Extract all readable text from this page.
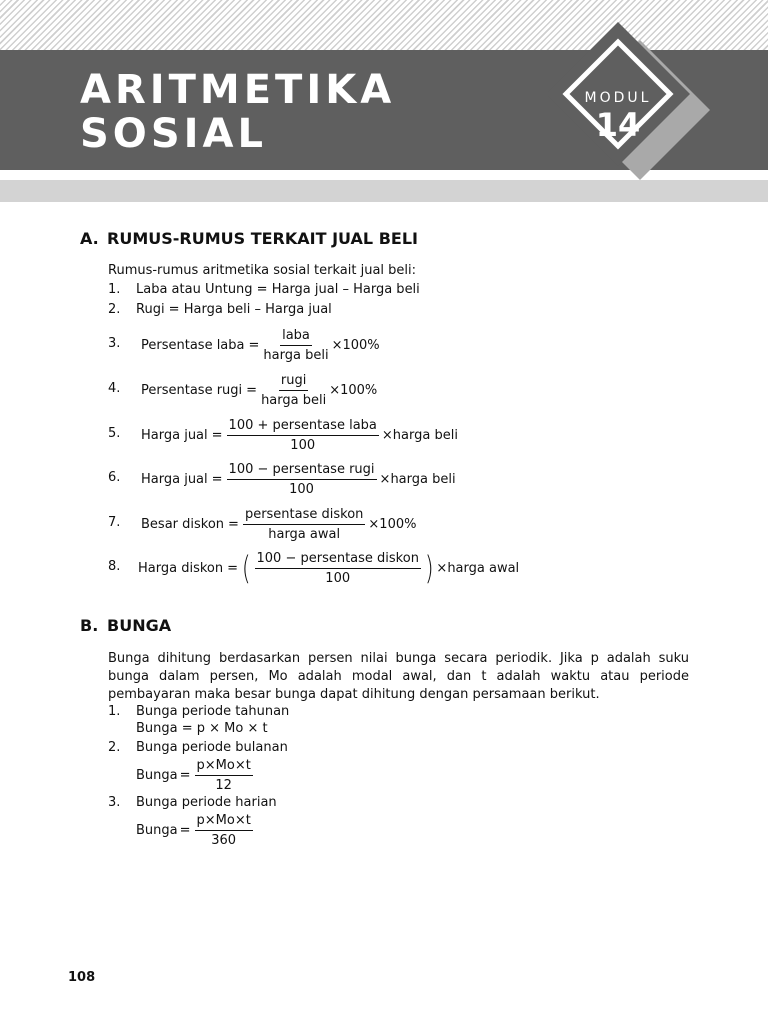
ARITMETIKA
SOSIAL
MODUL
14
A. RUMUS-RUMUS TERKAIT JUAL BELI
Rumus-rumus aritmetika sosial terkait jual beli:
1. Laba atau Untung = Harga jual – Harga beli
2. Rugi = Harga beli – Harga jual
3. Persentase laba = $\frac{\text{laba}}{\text{harga beli}} \times 100\%$
4. Persentase rugi = $\frac{\text{rugi}}{\text{harga beli}} \times 100\%$
5. Harga jual = $\frac{\text{100 + persentase laba}}{100}$ ×harga beli
6. Harga jual = $\frac{\text{100 − persentase rugi}}{100}$ ×harga beli
7. Besar diskon = $\frac{\text{persentase diskon}}{\text{harga awal}} \times 100\%$
8. Harga diskon = ( $\frac{\text{100 − persentase diskon}}{100}$ ) ×harga awal
B. BUNGA

Bunga dihitung berdasarkan persen nilai bunga secara periodik. Jika p adalah suku bunga dalam persen, Mo adalah modal awal, dan t adalah waktu atau periode pembayaran maka besar bunga dapat dihitung dengan persamaan berikut.

1. Bunga periode tahunan
Bunga = p × Mo × t
2. Bunga periode bulanan
Bunga = $\frac{p\times Mo\times t}{12}$
3. Bunga periode harian
Bunga = $\frac{p\times Mo\times t}{360}$
108
